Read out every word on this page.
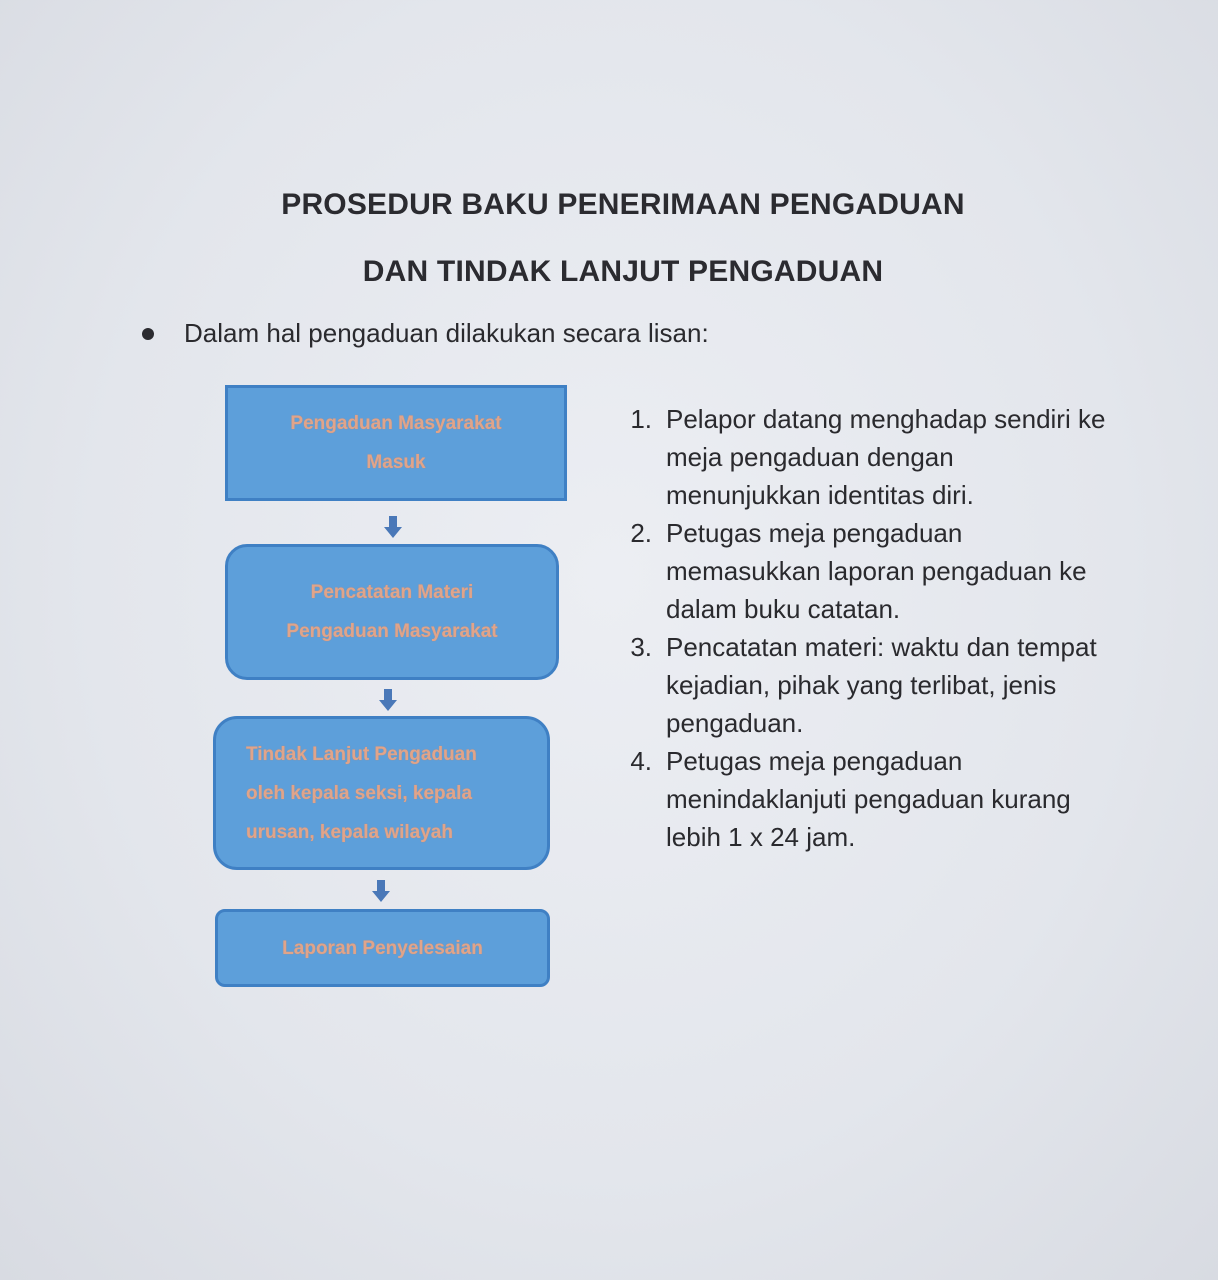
PROSEDUR BAKU PENERIMAAN PENGADUAN
DAN TINDAK LANJUT PENGADUAN
Dalam hal pengaduan dilakukan secara lisan:
Pengaduan Masyarakat
Masuk
Pencatatan Materi
Pengaduan Masyarakat
Tindak Lanjut Pengaduan
oleh kepala seksi, kepala
urusan, kepala wilayah
Laporan Penyelesaian
1. Pelapor datang menghadap sendiri ke
meja pengaduan dengan
menunjukkan identitas diri.
2. Petugas meja pengaduan
memasukkan laporan pengaduan ke
dalam buku catatan.
3. Pencatatan materi: waktu dan tempat
kejadian, pihak yang terlibat, jenis
pengaduan.
4. Petugas meja pengaduan
menindaklanjuti pengaduan kurang
lebih 1 x 24 jam.
